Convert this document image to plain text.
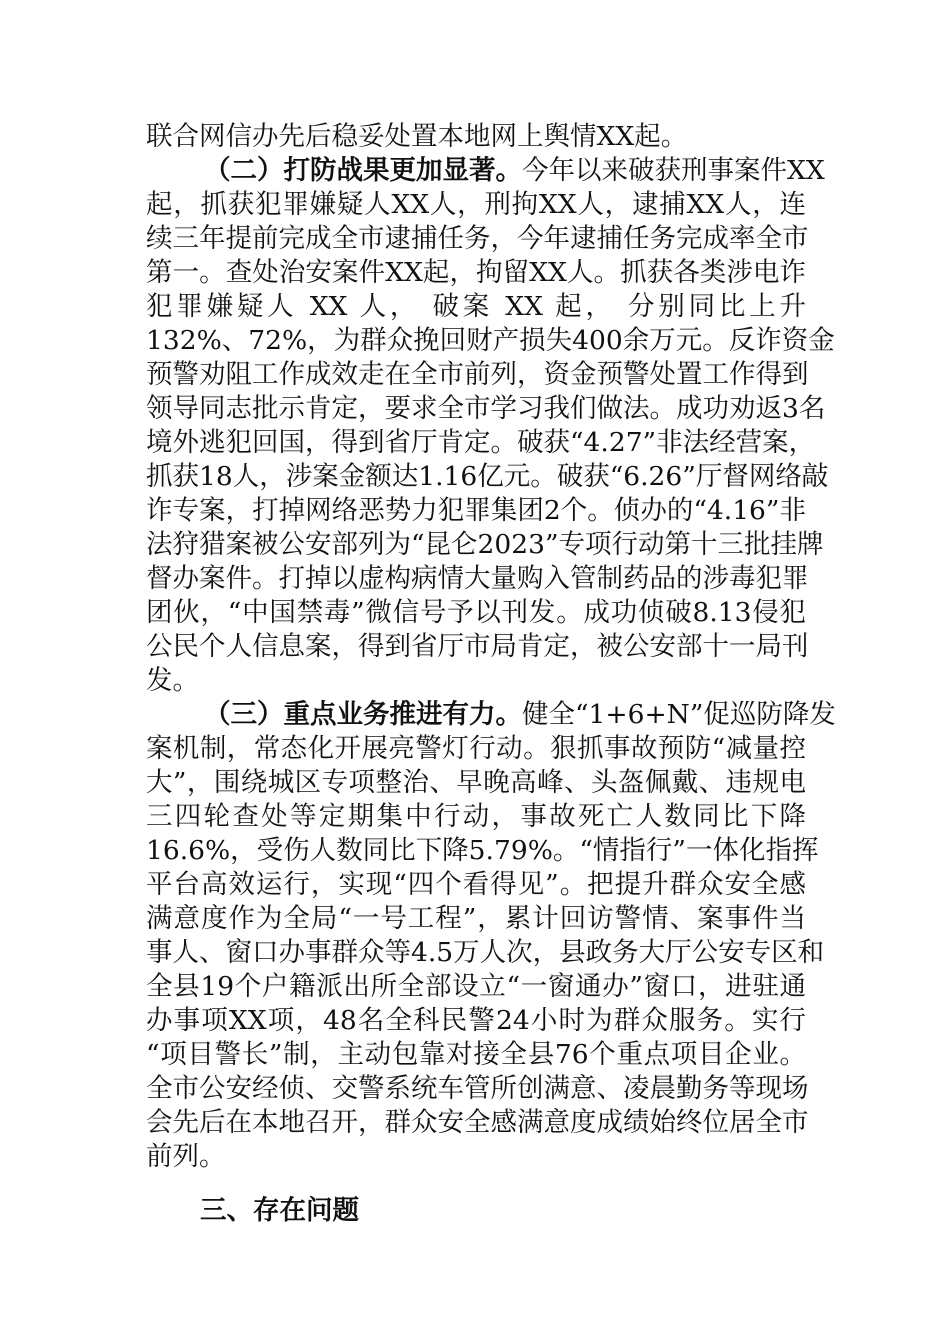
联合网信办先后稳妥处置本地网上舆情XX起。
（二）打防战果更加显著。今年以来破获刑事案件XX
起，抓获犯罪嫌疑人XX人，刑拘XX人，逮捕XX人，连
续三年提前完成全市逮捕任务，今年逮捕任务完成率全市
第一。查处治安案件XX起，拘留XX人。抓获各类涉电诈
犯罪嫌疑人 XX 人， 破案 XX 起， 分别同比上升
132%、72%，为群众挽回财产损失400余万元。反诈资金
预警劝阻工作成效走在全市前列，资金预警处置工作得到
领导同志批示肯定，要求全市学习我们做法。成功劝返3名
境外逃犯回国，得到省厅肯定。破获“4.27”非法经营案，
抓获18人，涉案金额达1.16亿元。破获“6.26”厅督网络敲
诈专案，打掉网络恶势力犯罪集团2个。侦办的“4.16”非
法狩猎案被公安部列为“昆仑2023”专项行动第十三批挂牌
督办案件。打掉以虚构病情大量购入管制药品的涉毒犯罪
团伙，“中国禁毒”微信号予以刊发。成功侦破8.13侵犯
公民个人信息案，得到省厅市局肯定，被公安部十一局刊
发。
（三）重点业务推进有力。健全“1+6+N”促巡防降发
案机制，常态化开展亮警灯行动。狠抓事故预防“减量控
大”，围绕城区专项整治、早晚高峰、头盔佩戴、违规电
三四轮查处等定期集中行动，事故死亡人数同比下降
16.6%，受伤人数同比下降5.79%。“情指行”一体化指挥
平台高效运行，实现“四个看得见”。把提升群众安全感
满意度作为全局“一号工程”，累计回访警情、案事件当
事人、窗口办事群众等4.5万人次，县政务大厅公安专区和
全县19个户籍派出所全部设立“一窗通办”窗口，进驻通
办事项XX项，48名全科民警24小时为群众服务。实行
“项目警长”制，主动包靠对接全县76个重点项目企业。
全市公安经侦、交警系统车管所创满意、凌晨勤务等现场
会先后在本地召开，群众安全感满意度成绩始终位居全市
前列。
三、存在问题
